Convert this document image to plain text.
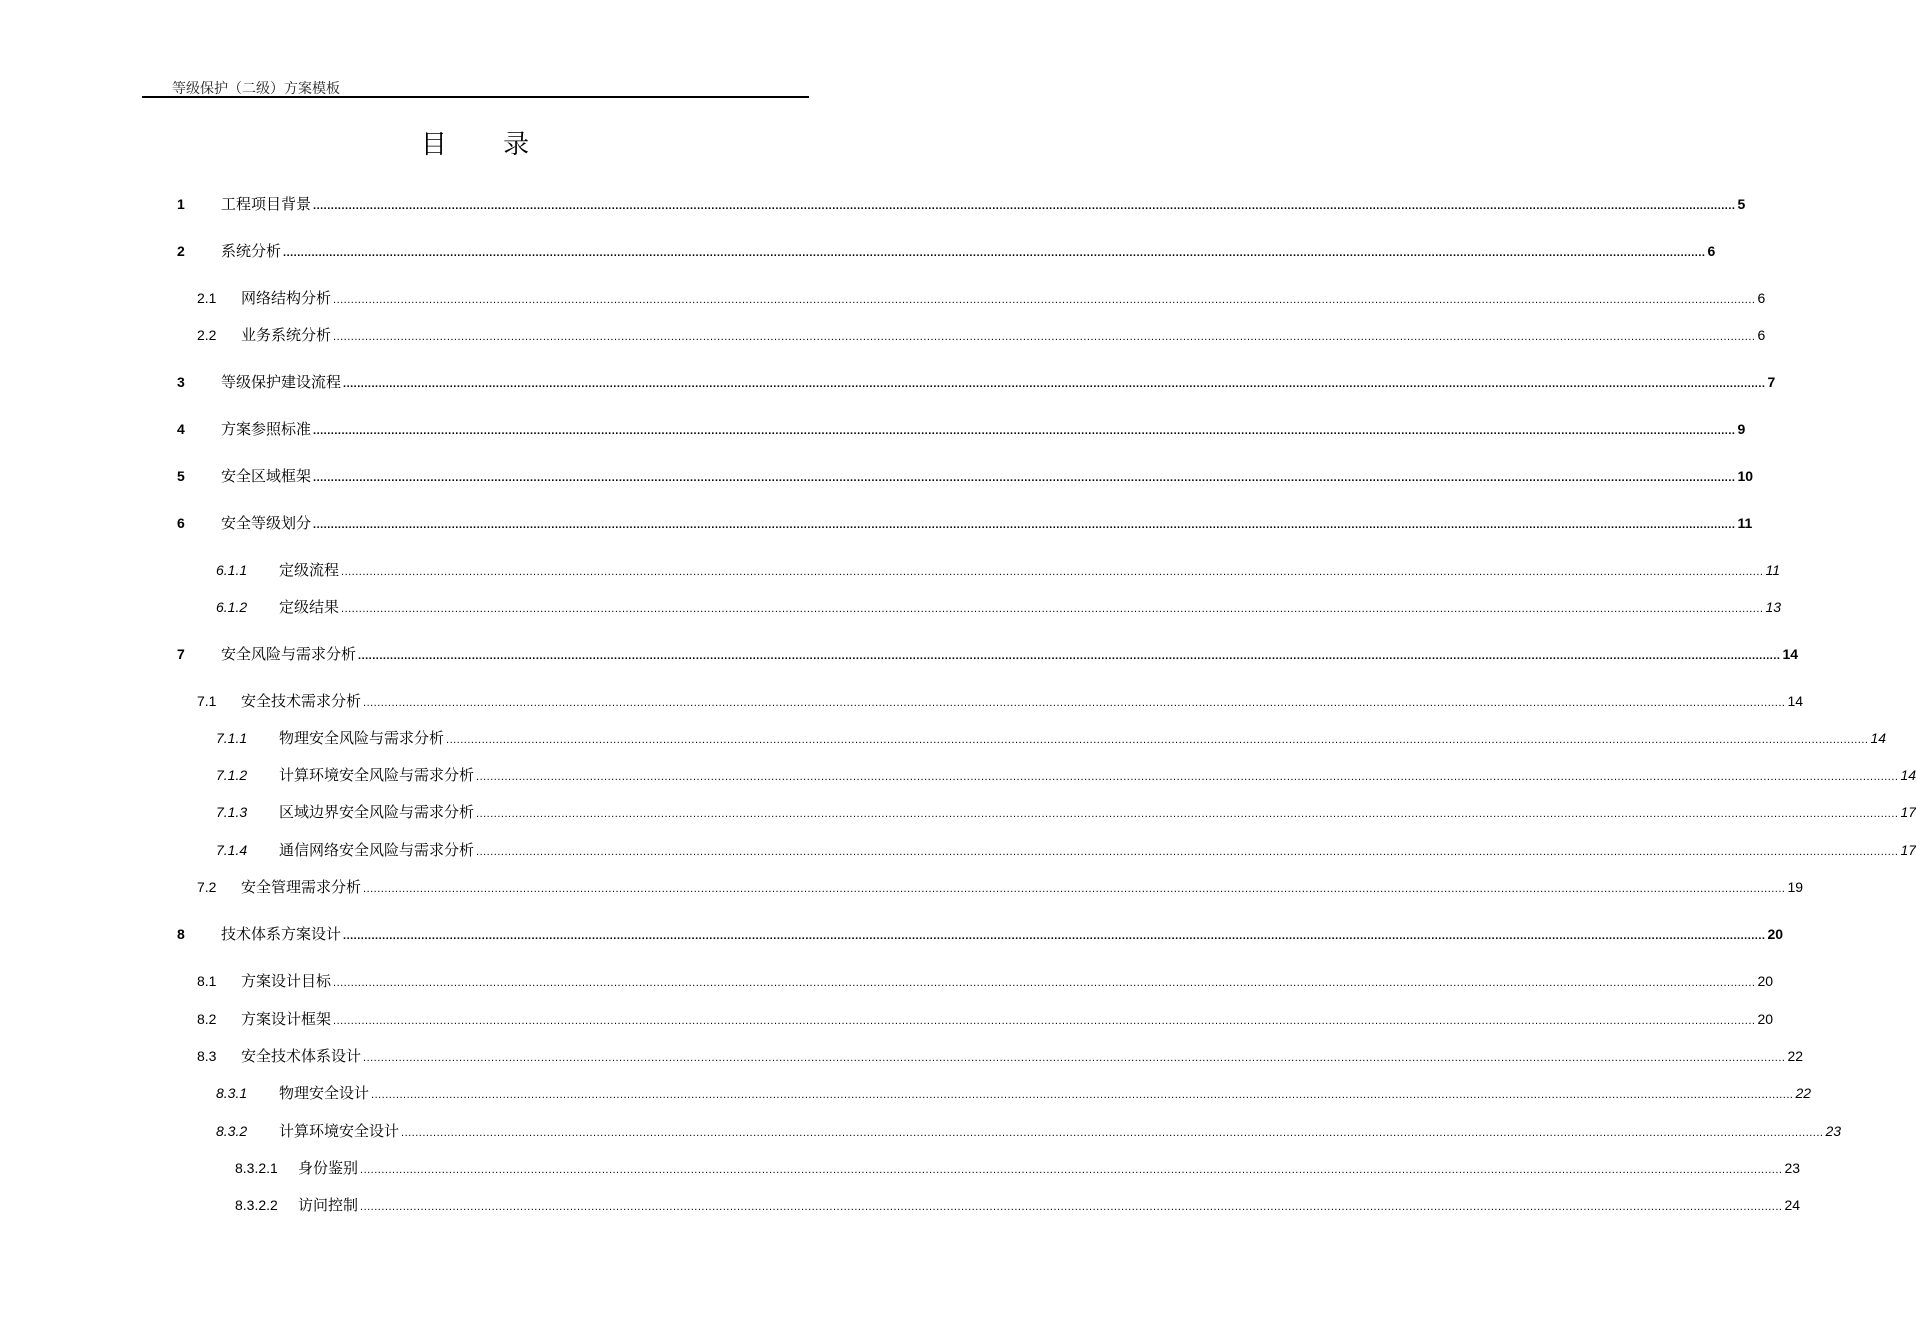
等级保护（二级）方案模板
目 录
1	工程项目背景 ................................................................................................................................................................................................................................................................................................................................................................................................................ 5
2	系统分析 ................................................................................................................................................................................................................................................................................................................................................................................................................ 6
2.1	网络结构分析 ................................................................................................................................................................................................................................................................................................................................................................................................................ 6
2.2	业务系统分析 ................................................................................................................................................................................................................................................................................................................................................................................................................ 6
3	等级保护建设流程 ................................................................................................................................................................................................................................................................................................................................................................................................................ 7
4	方案参照标准 ................................................................................................................................................................................................................................................................................................................................................................................................................ 9
5	安全区域框架 ................................................................................................................................................................................................................................................................................................................................................................................................................ 10
6	安全等级划分 ................................................................................................................................................................................................................................................................................................................................................................................................................ 11
6.1.1	定级流程 ................................................................................................................................................................................................................................................................................................................................................................................................................ 11
6.1.2	定级结果 ................................................................................................................................................................................................................................................................................................................................................................................................................ 13
7	安全风险与需求分析 ................................................................................................................................................................................................................................................................................................................................................................................................................ 14
7.1	安全技术需求分析 ................................................................................................................................................................................................................................................................................................................................................................................................................ 14
7.1.1	物理安全风险与需求分析 ................................................................................................................................................................................................................................................................................................................................................................................................................ 14
7.1.2	计算环境安全风险与需求分析 ................................................................................................................................................................................................................................................................................................................................................................................................................ 14
7.1.3	区域边界安全风险与需求分析 ................................................................................................................................................................................................................................................................................................................................................................................................................ 17
7.1.4	通信网络安全风险与需求分析 ................................................................................................................................................................................................................................................................................................................................................................................................................ 17
7.2	安全管理需求分析 ................................................................................................................................................................................................................................................................................................................................................................................................................ 19
8	技术体系方案设计 ................................................................................................................................................................................................................................................................................................................................................................................................................ 20
8.1	方案设计目标 ................................................................................................................................................................................................................................................................................................................................................................................................................ 20
8.2	方案设计框架 ................................................................................................................................................................................................................................................................................................................................................................................................................ 20
8.3	安全技术体系设计 ................................................................................................................................................................................................................................................................................................................................................................................................................ 22
8.3.1	物理安全设计 ................................................................................................................................................................................................................................................................................................................................................................................................................ 22
8.3.2	计算环境安全设计 ................................................................................................................................................................................................................................................................................................................................................................................................................ 23
8.3.2.1	身份鉴别 ................................................................................................................................................................................................................................................................................................................................................................................................................ 23
8.3.2.2	访问控制 ................................................................................................................................................................................................................................................................................................................................................................................................................ 24
